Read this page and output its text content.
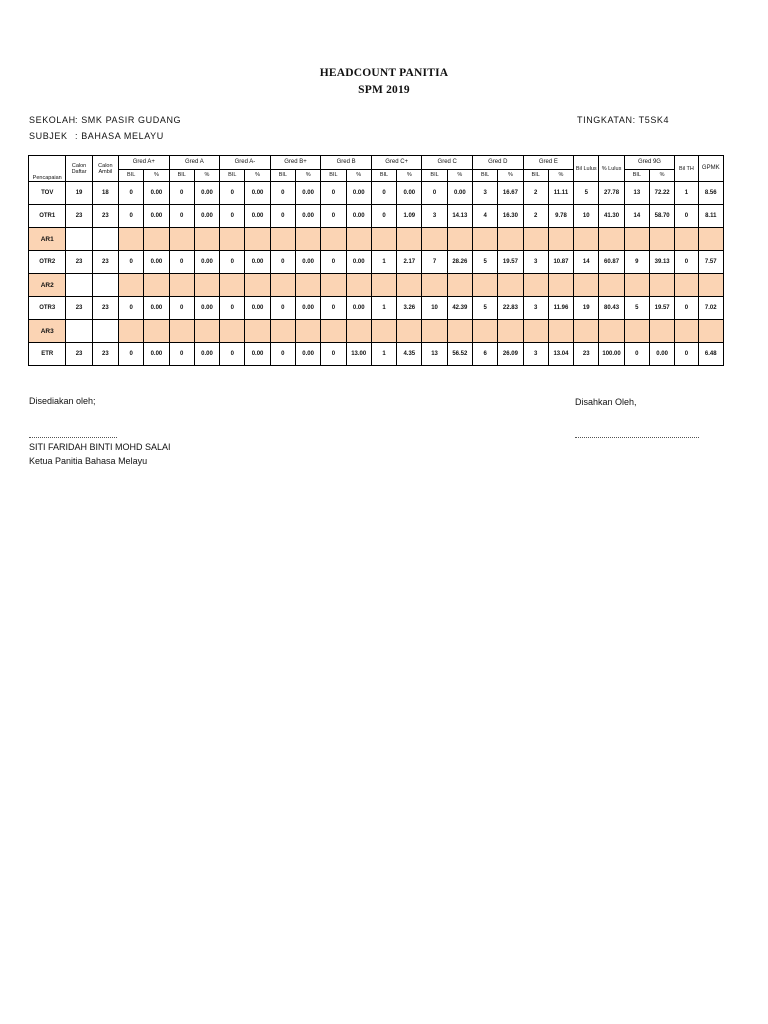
HEADCOUNT PANITIA
SPM 2019
SEKOLAH: SMK PASIR GUDANG
SUBJEK : BAHASA MELAYU
TINGKATAN: T5SK4
Pencapaian	Calon Daftar	Calon Ambil	Gred A+		Gred A		Gred A-		Gred B+		Gred B		Gred C+		Gred C		Gred D		Gred E		Bil Lulus	% Lulus	Gred 9G		Bil TH	GPMK
			BIL	%	BIL	%	BIL	%	BIL	%	BIL	%	BIL	%	BIL	%	BIL	%	BIL	%			BIL	%		
TOV	19	18	0	0.00	0	0.00	0	0.00	0	0.00	0	0.00	0	0.00	0	0.00	3	16.67	2	11.11	5	27.78	13	72.22	1	8.56
OTR1	23	23	0	0.00	0	0.00	0	0.00	0	0.00	0	0.00	0	1.09	3	14.13	4	16.30	2	9.78	10	41.30	14	58.70	0	8.11
AR1																										
OTR2	23	23	0	0.00	0	0.00	0	0.00	0	0.00	0	0.00	1	2.17	7	28.26	5	19.57	3	10.87	14	60.87	9	39.13	0	7.57
AR2																										
OTR3	23	23	0	0.00	0	0.00	0	0.00	0	0.00	0	0.00	1	3.26	10	42.39	5	22.83	3	11.96	19	80.43	5	19.57	0	7.02
AR3																										
ETR	23	23	0	0.00	0	0.00	0	0.00	0	0.00	0	13.00	1	4.35	13	56.52	6	26.09	3	13.04	23	100.00	0	0.00	0	6.48
Disediakan oleh;	Disahkan Oleh,
SITI FARIDAH BINTI MOHD SALAI
Ketua Panitia Bahasa Melayu
